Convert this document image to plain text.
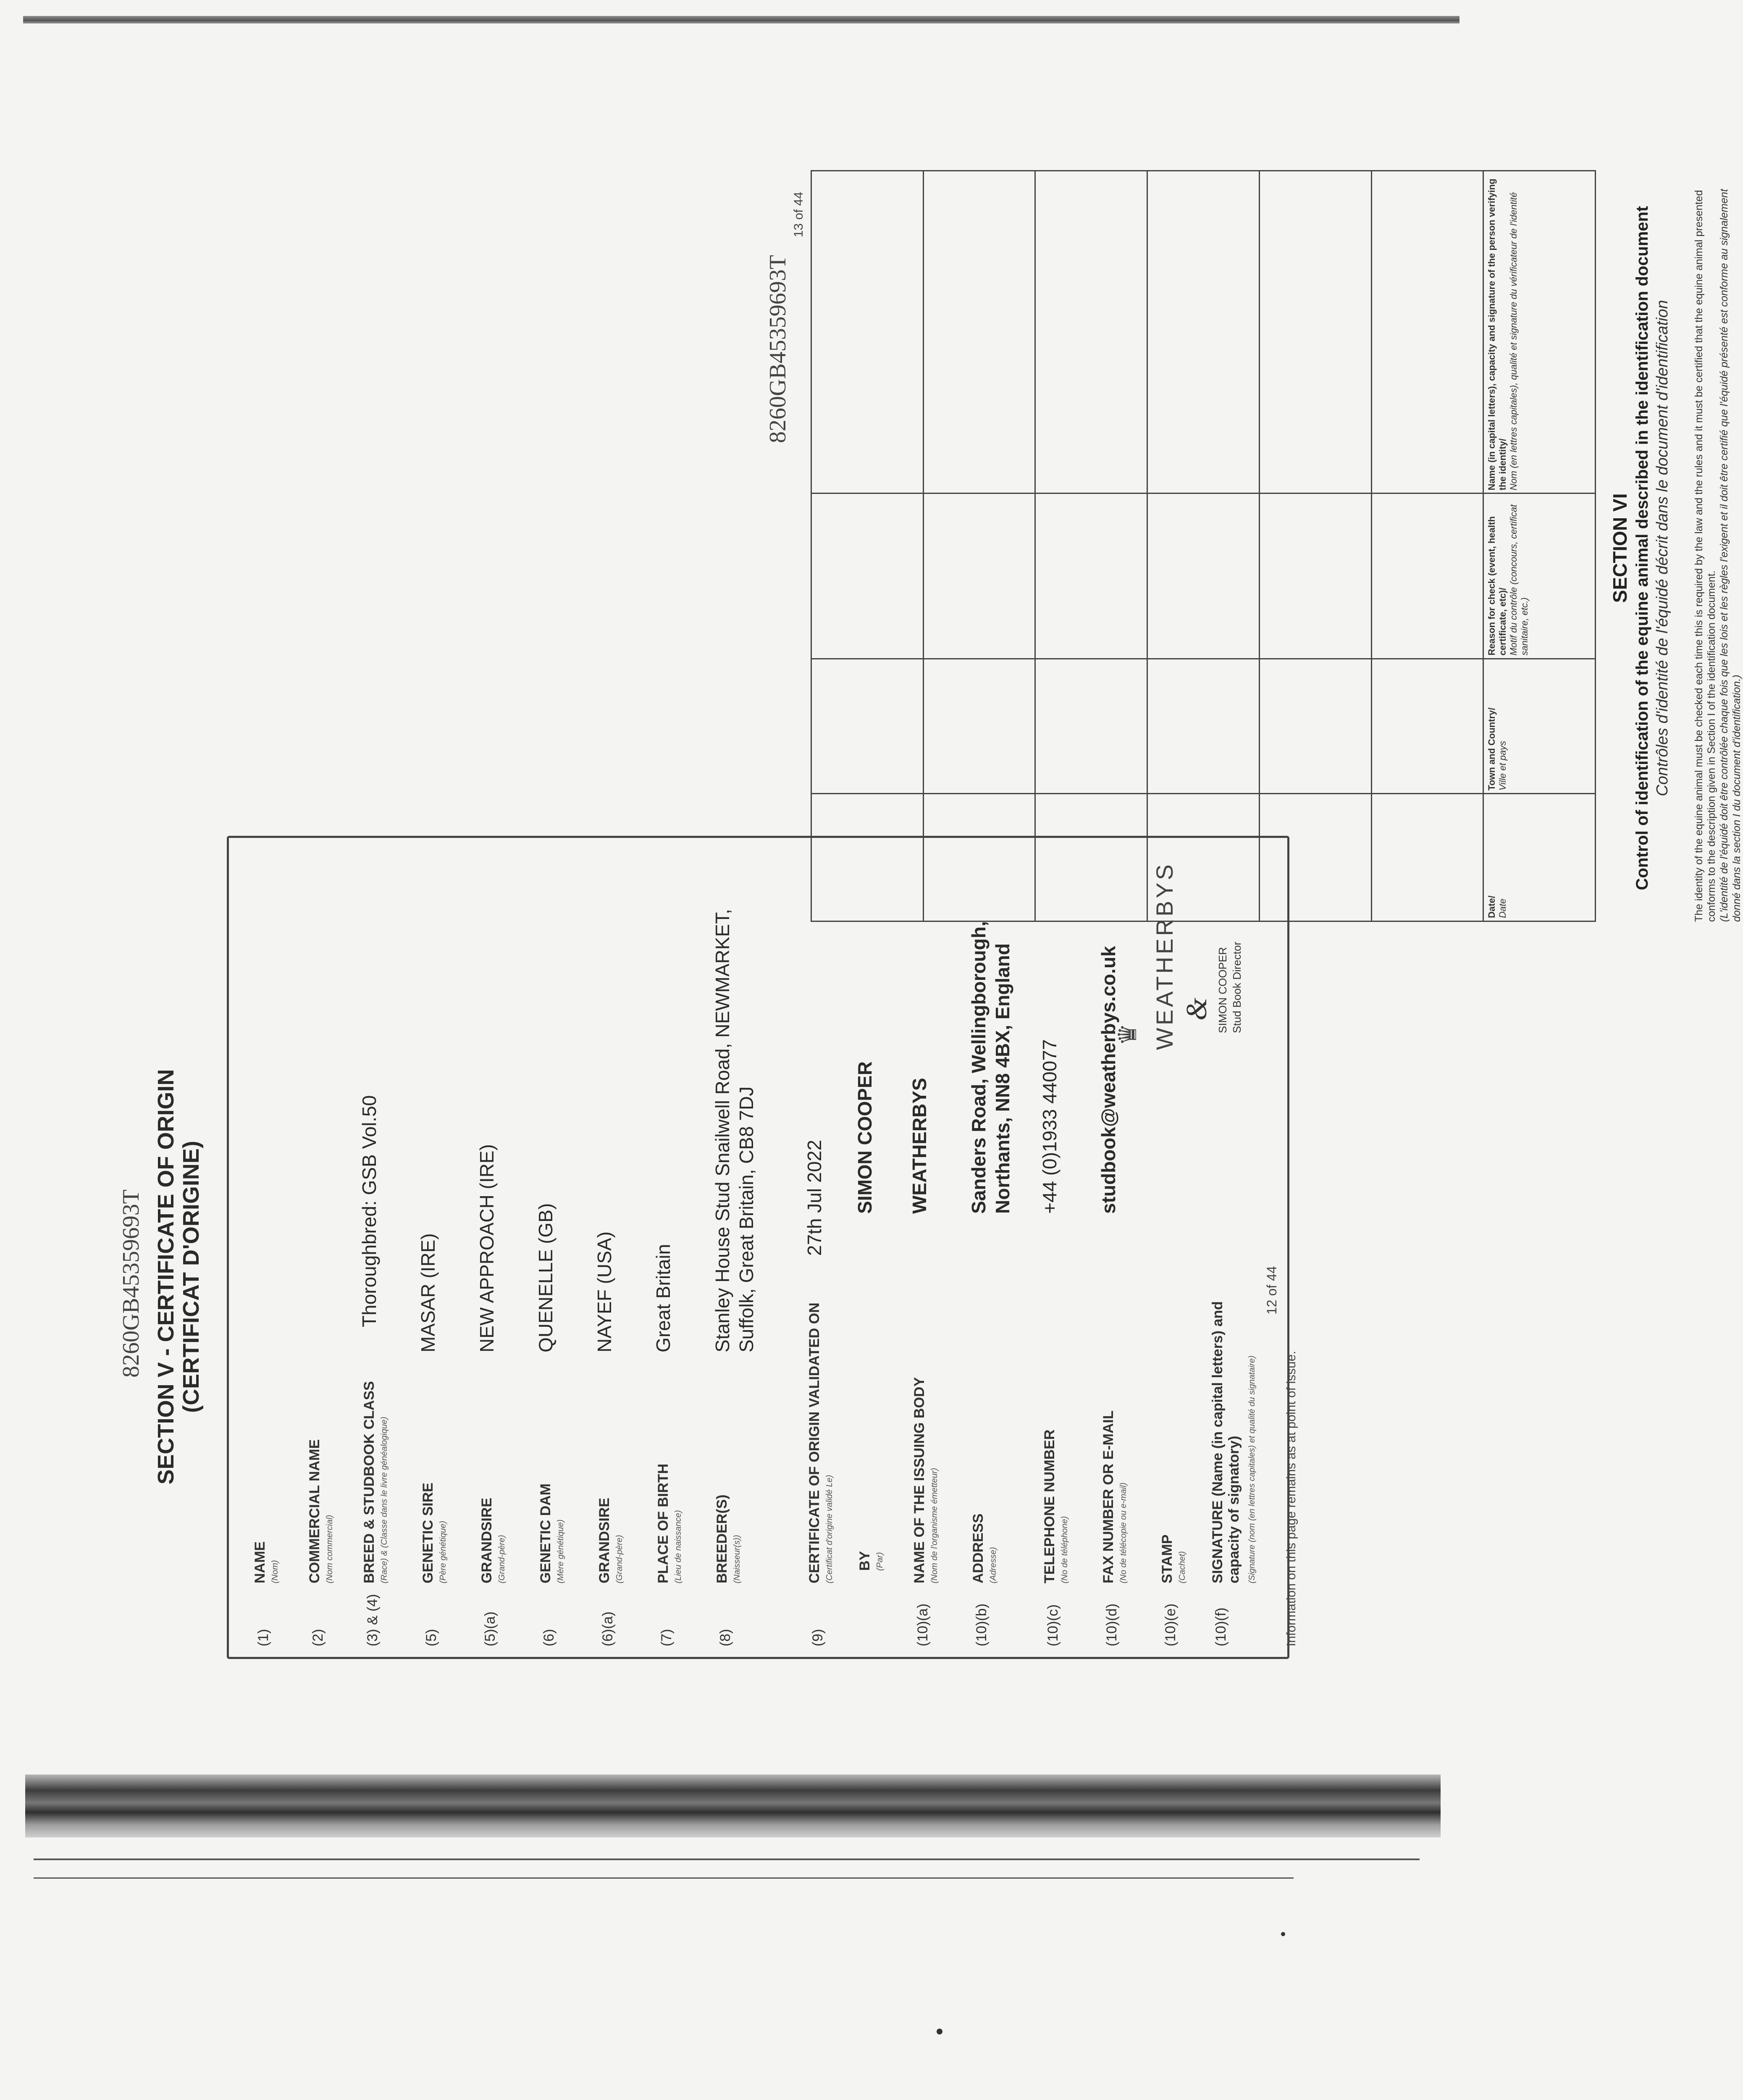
8260GB45359693T SECTION V - CERTIFICATE OF ORIGIN (CERTIFICAT D'ORIGINE)
(1)
NAME (Nom)
(2)
COMMERCIAL NAME (Nom commercial)
(3) & (4)
BREED & STUDBOOK CLASS (Race) & (Classe dans le livre généalogique)
Thoroughbred: GSB Vol.50
(5)
GENETIC SIRE (Père génétique)
MASAR (IRE)
(5)(a)
GRANDSIRE (Grand-père)
NEW APPROACH (IRE)
(6)
GENETIC DAM (Mère génétique)
QUENELLE (GB)
(6)(a)
GRANDSIRE (Grand-père)
NAYEF (USA)
(7)
PLACE OF BIRTH (Lieu de naissance)
Great Britain
(8)
BREEDER(S) (Naisseur(s))
Stanley House Stud Snailwell Road, NEWMARKET, Suffolk, Great Britain, CB8 7DJ
(9)
CERTIFICATE OF ORIGIN VALIDATED ON (Certificat d'origine validé Le)
27th Jul 2022
BY (Par)
SIMON COOPER
(10)(a)
NAME OF THE ISSUING BODY (Nom de l'organisme émetteur)
WEATHERBYS
(10)(b)
ADDRESS (Adresse)
Sanders Road, Wellingborough, Northants, NN8 4BX, England
(10)(c)
TELEPHONE NUMBER (No de téléphone)
+44 (0)1933 440077
(10)(d)
FAX NUMBER OR E-MAIL (No de télécopie ou e-mail)
studbook@weatherbys.co.uk
(10)(e)
STAMP (Cachet)
(10)(f)
SIGNATURE (Name (in capital letters) and capacity of signatory) (Signature (nom (en lettres capitales) et qualité du signataire)
WEATHERBYS
♛
& SIMON COOPER Stud Book Director
12 of 44
Information on this page remains as at point of issue.
8260GB45359693T
SECTION VI Control of identification of the equine animal described in the identification document Contrôles d'identité de l'équidé décrit dans le document d'identification The identity of the equine animal must be checked each time this is required by the law and the rules and it must be certified that the equine animal presented conforms to the description given in Section I of the identification document. (L'identité de l'équidé doit être contrôlée chaque fois que les lois et les règles l'exigent et il doit être certifié que l'équidé présenté est conforme au signalement donné dans la section I du document d'identification.)

Date/ Date	Town and Country/ Ville et pays	Reason for check (event, health certificate, etc)/ Motif du contrôle (concours, certificat sanitaire, etc.)	Name (in capital letters), capacity and signature of the person verifying the identity/ Nom (en lettres capitales), qualité et signature du vérificateur de l'identité
13 of 44
